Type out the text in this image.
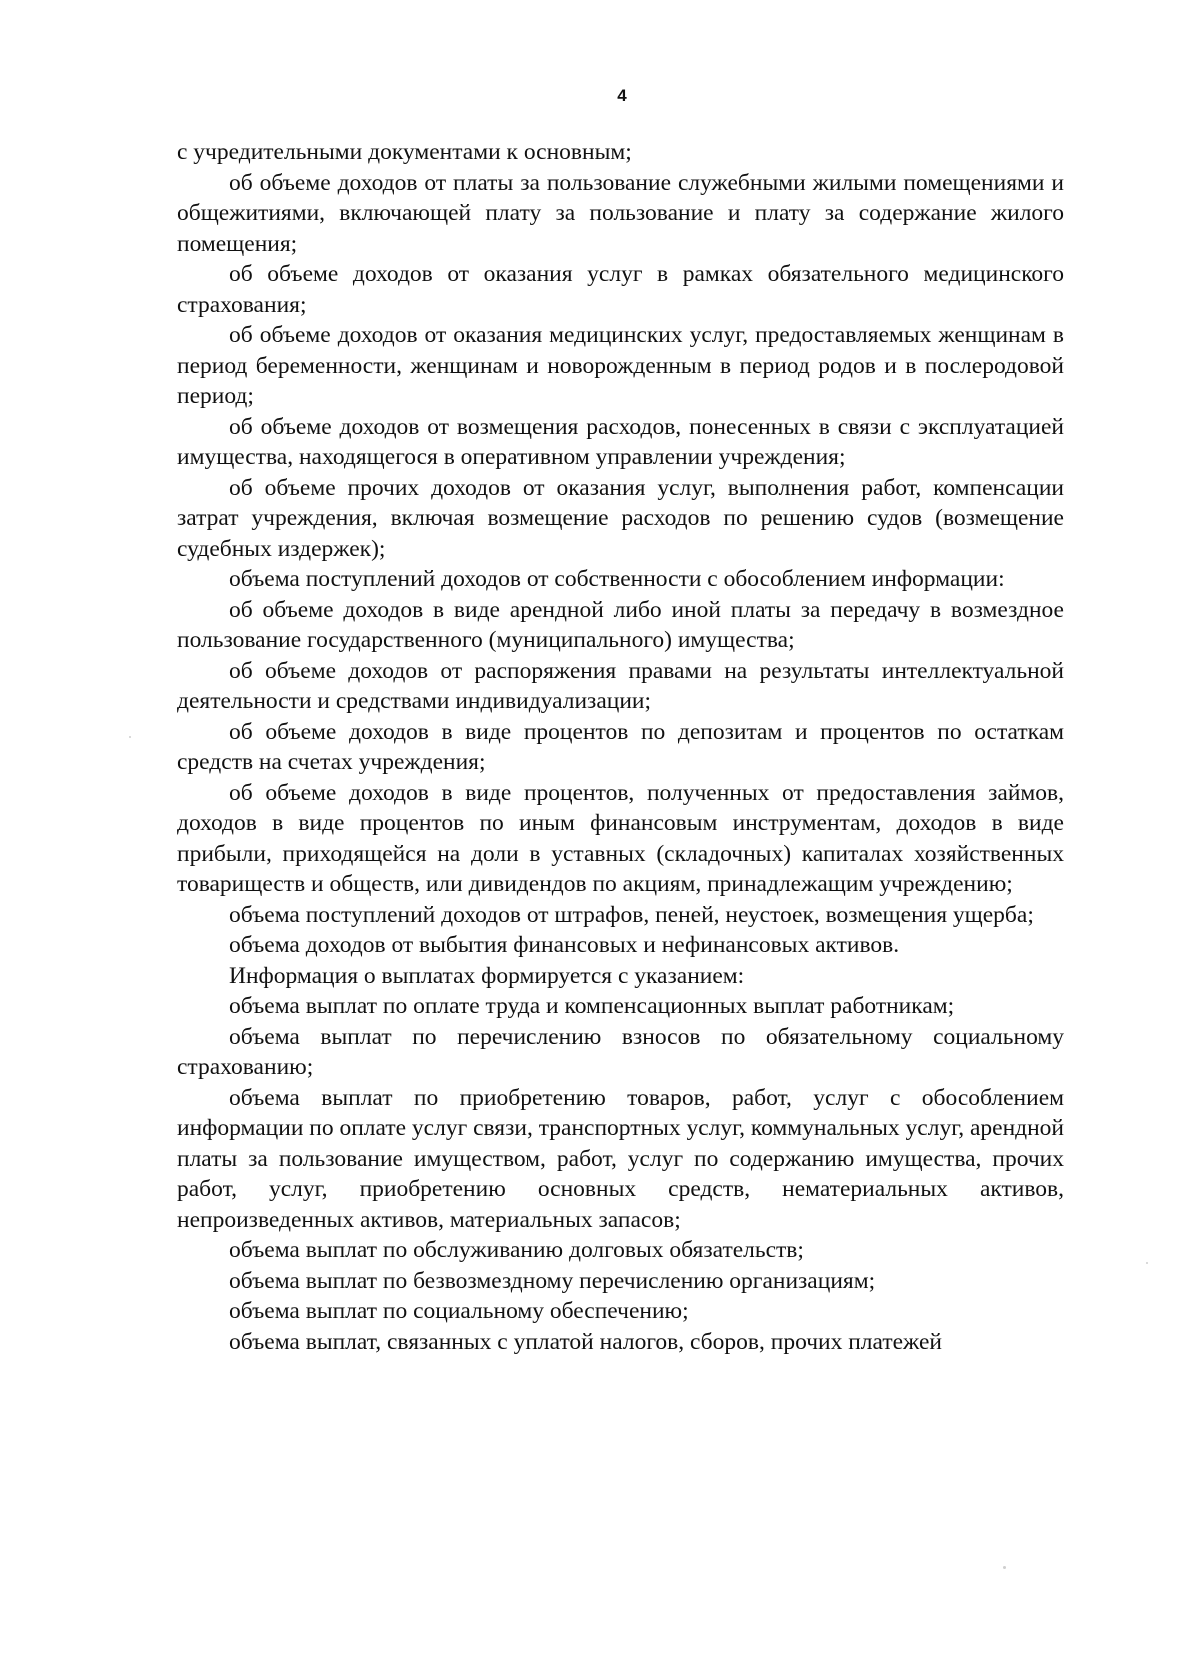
4

с учредительными документами к основным;

об объеме доходов от платы за пользование служебными жилыми помещениями и общежитиями, включающей плату за пользование и плату за содержание жилого помещения;

об объеме доходов от оказания услуг в рамках обязательного медицинского страхования;

об объеме доходов от оказания медицинских услуг, предоставляемых женщинам в период беременности, женщинам и новорожденным в период родов и в послеродовой период;

об объеме доходов от возмещения расходов, понесенных в связи с эксплуатацией имущества, находящегося в оперативном управлении учреждения;

об объеме прочих доходов от оказания услуг, выполнения работ, компенсации затрат учреждения, включая возмещение расходов по решению судов (возмещение судебных издержек);

объема поступлений доходов от собственности с обособлением информации:

об объеме доходов в виде арендной либо иной платы за передачу в возмездное пользование государственного (муниципального) имущества;

об объеме доходов от распоряжения правами на результаты интеллектуальной деятельности и средствами индивидуализации;

об объеме доходов в виде процентов по депозитам и процентов по остаткам средств на счетах учреждения;

об объеме доходов в виде процентов, полученных от предоставления займов, доходов в виде процентов по иным финансовым инструментам, доходов в виде прибыли, приходящейся на доли в уставных (складочных) капиталах хозяйственных товариществ и обществ, или дивидендов по акциям, принадлежащим учреждению;

объема поступлений доходов от штрафов, пеней, неустоек, возмещения ущерба;

объема доходов от выбытия финансовых и нефинансовых активов.

Информация о выплатах формируется с указанием:

объема выплат по оплате труда и компенсационных выплат работникам;

объема выплат по перечислению взносов по обязательному социальному страхованию;

объема выплат по приобретению товаров, работ, услуг с обособлением информации по оплате услуг связи, транспортных услуг, коммунальных услуг, арендной платы за пользование имуществом, работ, услуг по содержанию имущества, прочих работ, услуг, приобретению основных средств, нематериальных активов, непроизведенных активов, материальных запасов;

объема выплат по обслуживанию долговых обязательств;

объема выплат по безвозмездному перечислению организациям;

объема выплат по социальному обеспечению;

объема выплат, связанных с уплатой налогов, сборов, прочих платежей
